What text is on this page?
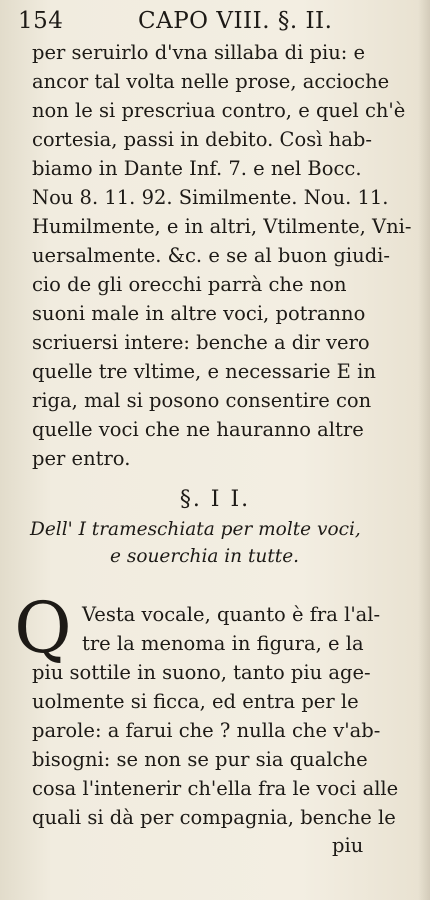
154	CAPO VIII. §. II.
per seruirlo d'vna sillaba di piu: e
ancor tal volta nelle prose, accioche
non le si prescriua contro, e quel ch'è
cortesia, passi in debito. Così hab-
biamo in Dante Inf. 7. e nel Bocc.
Nou 8. 11. 92. Similmente. Nou. 11.
Humilmente, e in altri, Vtilmente, Vni-
uersalmente. &c. e se al buon giudi-
cio de gli orecchi parrà che non
suoni male in altre voci, potranno
scriuersi intere: benche a dir vero
quelle tre vltime, e necessarie E in
riga, mal si posono consentire con
quelle voci che ne hauranno altre
per entro.
§. I I.
Dell' I trameschiata per molte voci,
e souerchia in tutte.
Q Vesta vocale, quanto è fra l'al-
tre la menoma in figura, e la
piu sottile in suono, tanto piu age-
uolmente si ficca, ed entra per le
parole: a farui che ? nulla che v'ab-
bisogni: se non se pur sia qualche
cosa l'intenerir ch'ella fra le voci alle
quali si dà per compagnia, benche le
piu
